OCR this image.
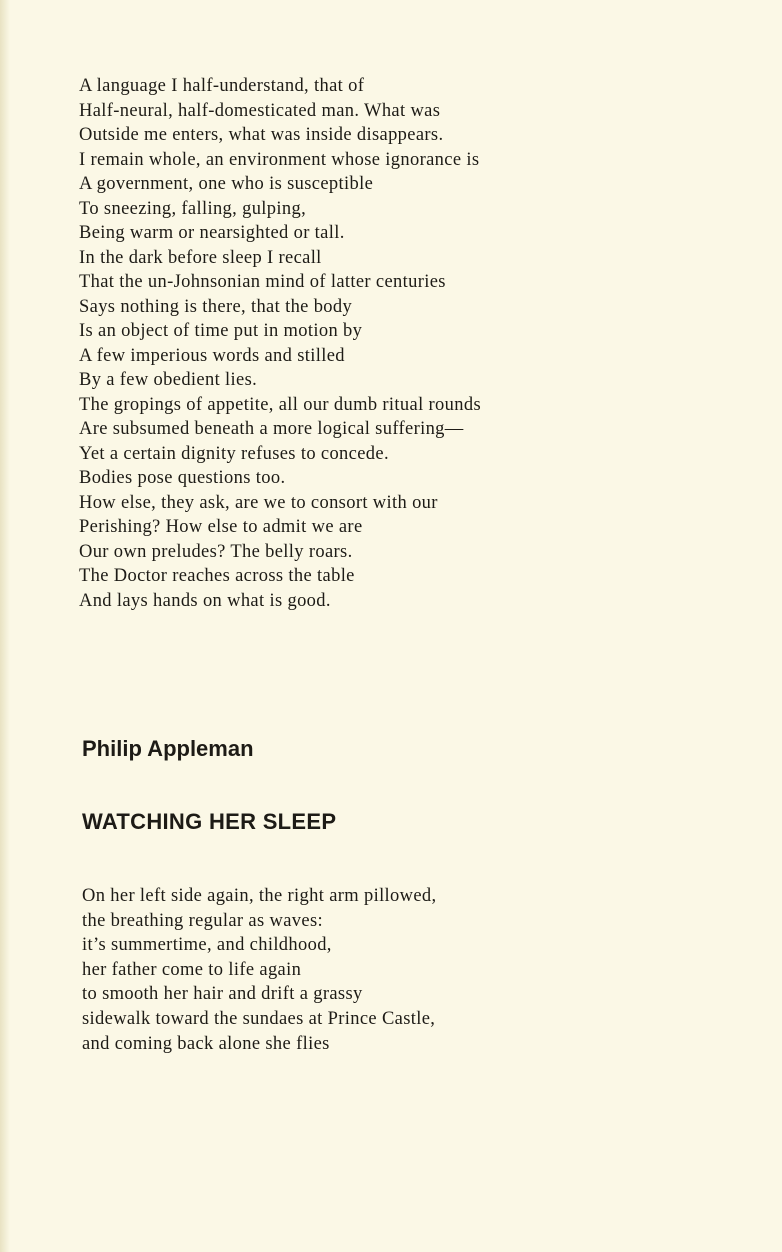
A language I half-understand, that of
Half-neural, half-domesticated man. What was
Outside me enters, what was inside disappears.
I remain whole, an environment whose ignorance is
A government, one who is susceptible
To sneezing, falling, gulping,
Being warm or nearsighted or tall.
In the dark before sleep I recall
That the un-Johnsonian mind of latter centuries
Says nothing is there, that the body
Is an object of time put in motion by
A few imperious words and stilled
By a few obedient lies.
The gropings of appetite, all our dumb ritual rounds
Are subsumed beneath a more logical suffering—
Yet a certain dignity refuses to concede.
Bodies pose questions too.
How else, they ask, are we to consort with our
Perishing? How else to admit we are
Our own preludes? The belly roars.
The Doctor reaches across the table
And lays hands on what is good.
Philip Appleman
WATCHING HER SLEEP
On her left side again, the right arm pillowed,
the breathing regular as waves:
it’s summertime, and childhood,
her father come to life again
to smooth her hair and drift a grassy
sidewalk toward the sundaes at Prince Castle,
and coming back alone she flies
